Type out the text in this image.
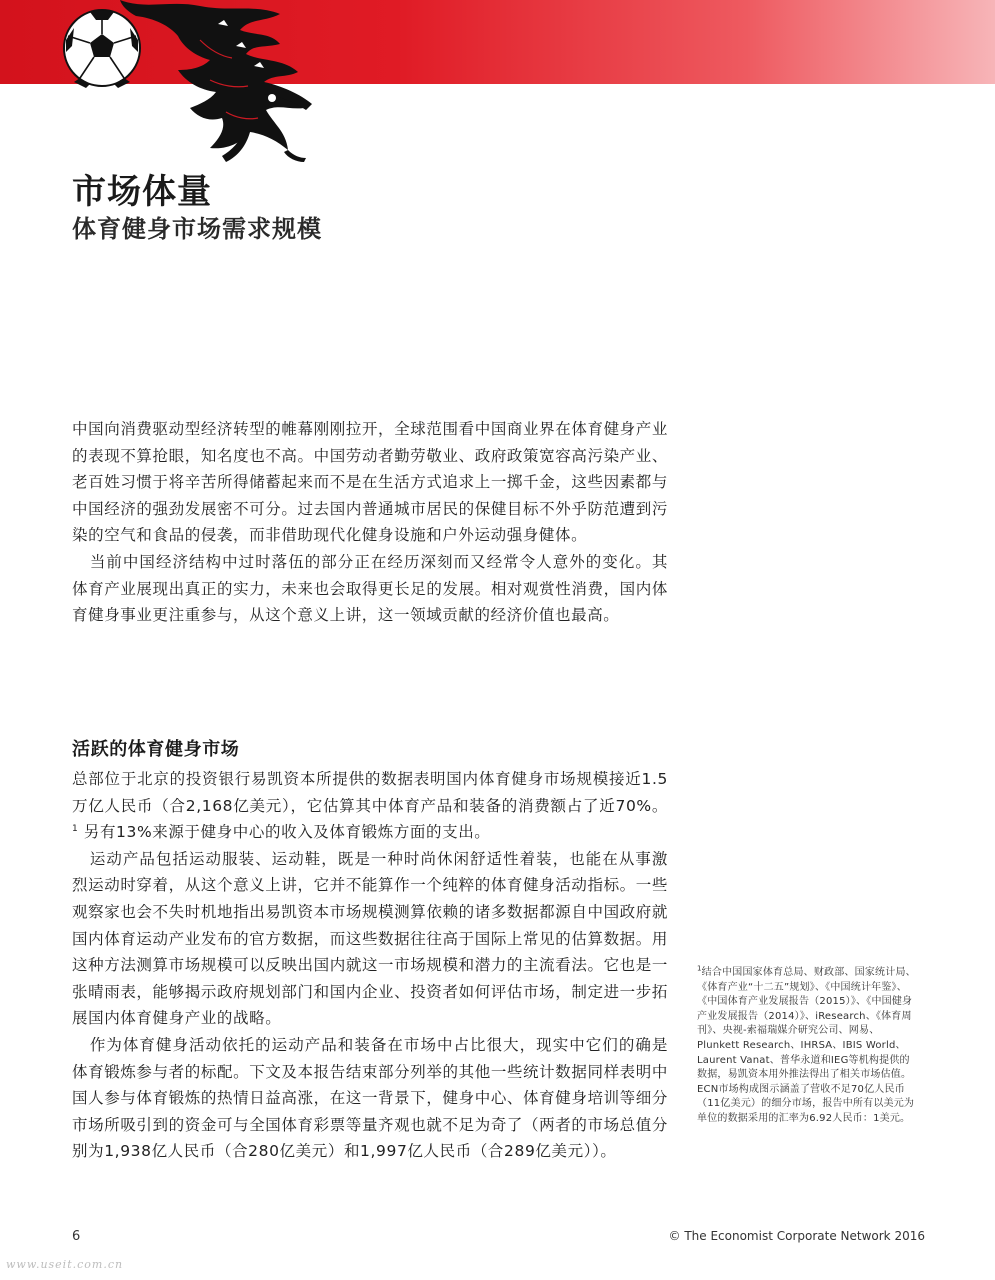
市场体量
体育健身市场需求规模

中国向消费驱动型经济转型的帷幕刚刚拉开，全球范围看中国商业界在体育健身产业的表现不算抢眼，知名度也不高。中国劳动者勤劳敬业、政府政策宽容高污染产业、老百姓习惯于将辛苦所得储蓄起来而不是在生活方式追求上一掷千金，这些因素都与中国经济的强劲发展密不可分。过去国内普通城市居民的保健目标不外乎防范遭到污染的空气和食品的侵袭，而非借助现代化健身设施和户外运动强身健体。

当前中国经济结构中过时落伍的部分正在经历深刻而又经常令人意外的变化。其体育产业展现出真正的实力，未来也会取得更长足的发展。相对观赏性消费，国内体育健身事业更注重参与，从这个意义上讲，这一领域贡献的经济价值也最高。

活跃的体育健身市场

总部位于北京的投资银行易凯资本所提供的数据表明国内体育健身市场规模接近1.5万亿人民币（合2,168亿美元），它估算其中体育产品和装备的消费额占了近70%。$^1$ 另有13%来源于健身中心的收入及体育锻炼方面的支出。

运动产品包括运动服装、运动鞋，既是一种时尚休闲舒适性着装，也能在从事激烈运动时穿着，从这个意义上讲，它并不能算作一个纯粹的体育健身活动指标。一些观察家也会不失时机地指出易凯资本市场规模测算依赖的诸多数据都源自中国政府就国内体育运动产业发布的官方数据，而这些数据往往高于国际上常见的估算数据。用这种方法测算市场规模可以反映出国内就这一市场规模和潜力的主流看法。它也是一张晴雨表，能够揭示政府规划部门和国内企业、投资者如何评估市场，制定进一步拓展国内体育健身产业的战略。

作为体育健身活动依托的运动产品和装备在市场中占比很大，现实中它们的确是体育锻炼参与者的标配。下文及本报告结束部分列举的其他一些统计数据同样表明中国人参与体育锻炼的热情日益高涨，在这一背景下，健身中心、体育健身培训等细分市场所吸引到的资金可与全国体育彩票等量齐观也就不足为奇了（两者的市场总值分别为1,938亿人民币（合280亿美元）和1,997亿人民币（合289亿美元））。

$^1$结合中国国家体育总局、财政部、国家统计局、《体育产业“十二五”规划》、《中国统计年鉴》、《中国体育产业发展报告（2015）》、《中国健身产业发展报告（2014）》、iResearch、《体育周刊》、央视-索福瑞媒介研究公司、网易、Plunkett Research、IHRSA、IBIS World、Laurent Vanat、普华永道和IEG等机构提供的数据，易凯资本用外推法得出了相关市场估值。ECN市场构成图示涵盖了营收不足70亿人民币（11亿美元）的细分市场，报告中所有以美元为单位的数据采用的汇率为6.92人民币：1美元。
6	© The Economist Corporate Network 2016
www.useit.com.cn
